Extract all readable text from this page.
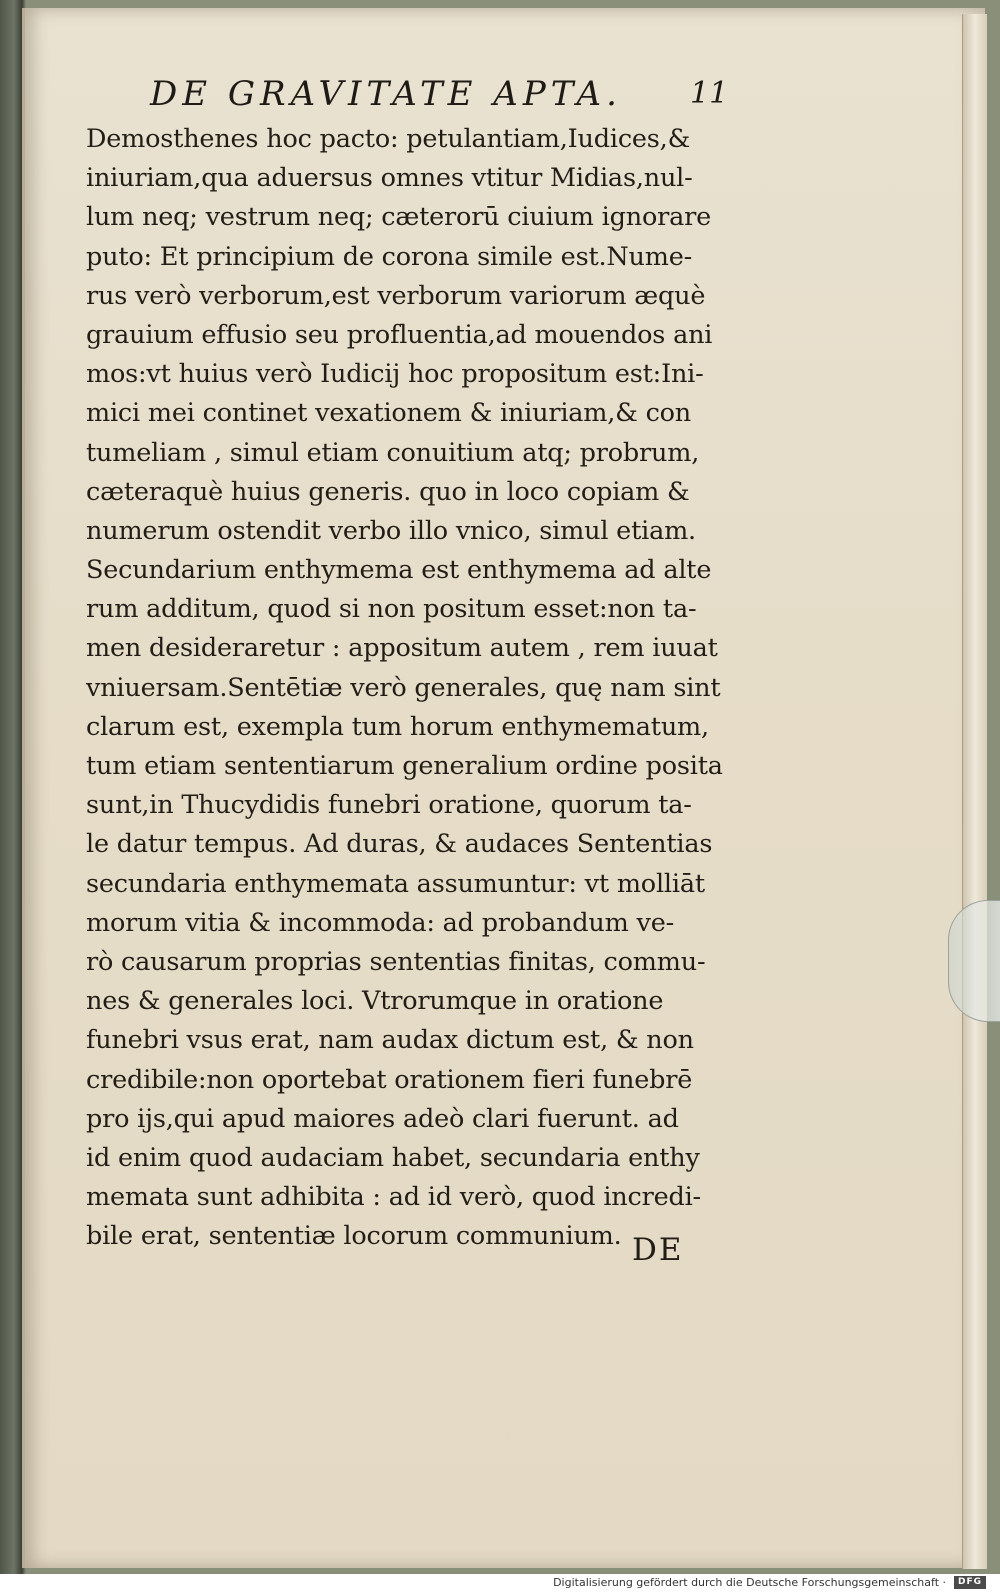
DE GRAVITATE APTA.	11
Demosthenes hoc pacto: petulantiam,Iudices,&
iniuriam,qua aduersus omnes vtitur Midias,nul-
lum neq; vestrum neq; cæterorū ciuium ignorare
puto: Et principium de corona simile est.Nume-
rus verò verborum,est verborum variorum æquè
grauium effusio seu profluentia,ad mouendos ani
mos:vt huius verò Iudicij hoc propositum est:Ini-
mici mei continet vexationem & iniuriam,& con
tumeliam , simul etiam conuitium atq; probrum,
cæteraquè huius generis. quo in loco copiam &
numerum ostendit verbo illo vnico, simul etiam.
Secundarium enthymema est enthymema ad alte
rum additum, quod si non positum esset:non ta-
men desideraretur : appositum autem , rem iuuat
vniuersam.Sentētiæ verò generales, quę nam sint
clarum est, exempla tum horum enthymematum,
tum etiam sententiarum generalium ordine posita
sunt,in Thucydidis funebri oratione, quorum ta-
le datur tempus. Ad duras, & audaces Sententias
secundaria enthymemata assumuntur: vt molliāt
morum vitia & incommoda: ad probandum ve-
rò causarum proprias sententias finitas, commu-
nes & generales loci. Vtrorumque in oratione
funebri vsus erat, nam audax dictum est, & non
credibile:non oportebat orationem fieri funebrē
pro ijs,qui apud maiores adeò clari fuerunt. ad
id enim quod audaciam habet, secundaria enthy
memata sunt adhibita : ad id verò, quod incredi-
bile erat, sententiæ locorum communium. DE
Digitalisierung gefördert durch die Deutsche Forschungsgemeinschaft ·	DFG
